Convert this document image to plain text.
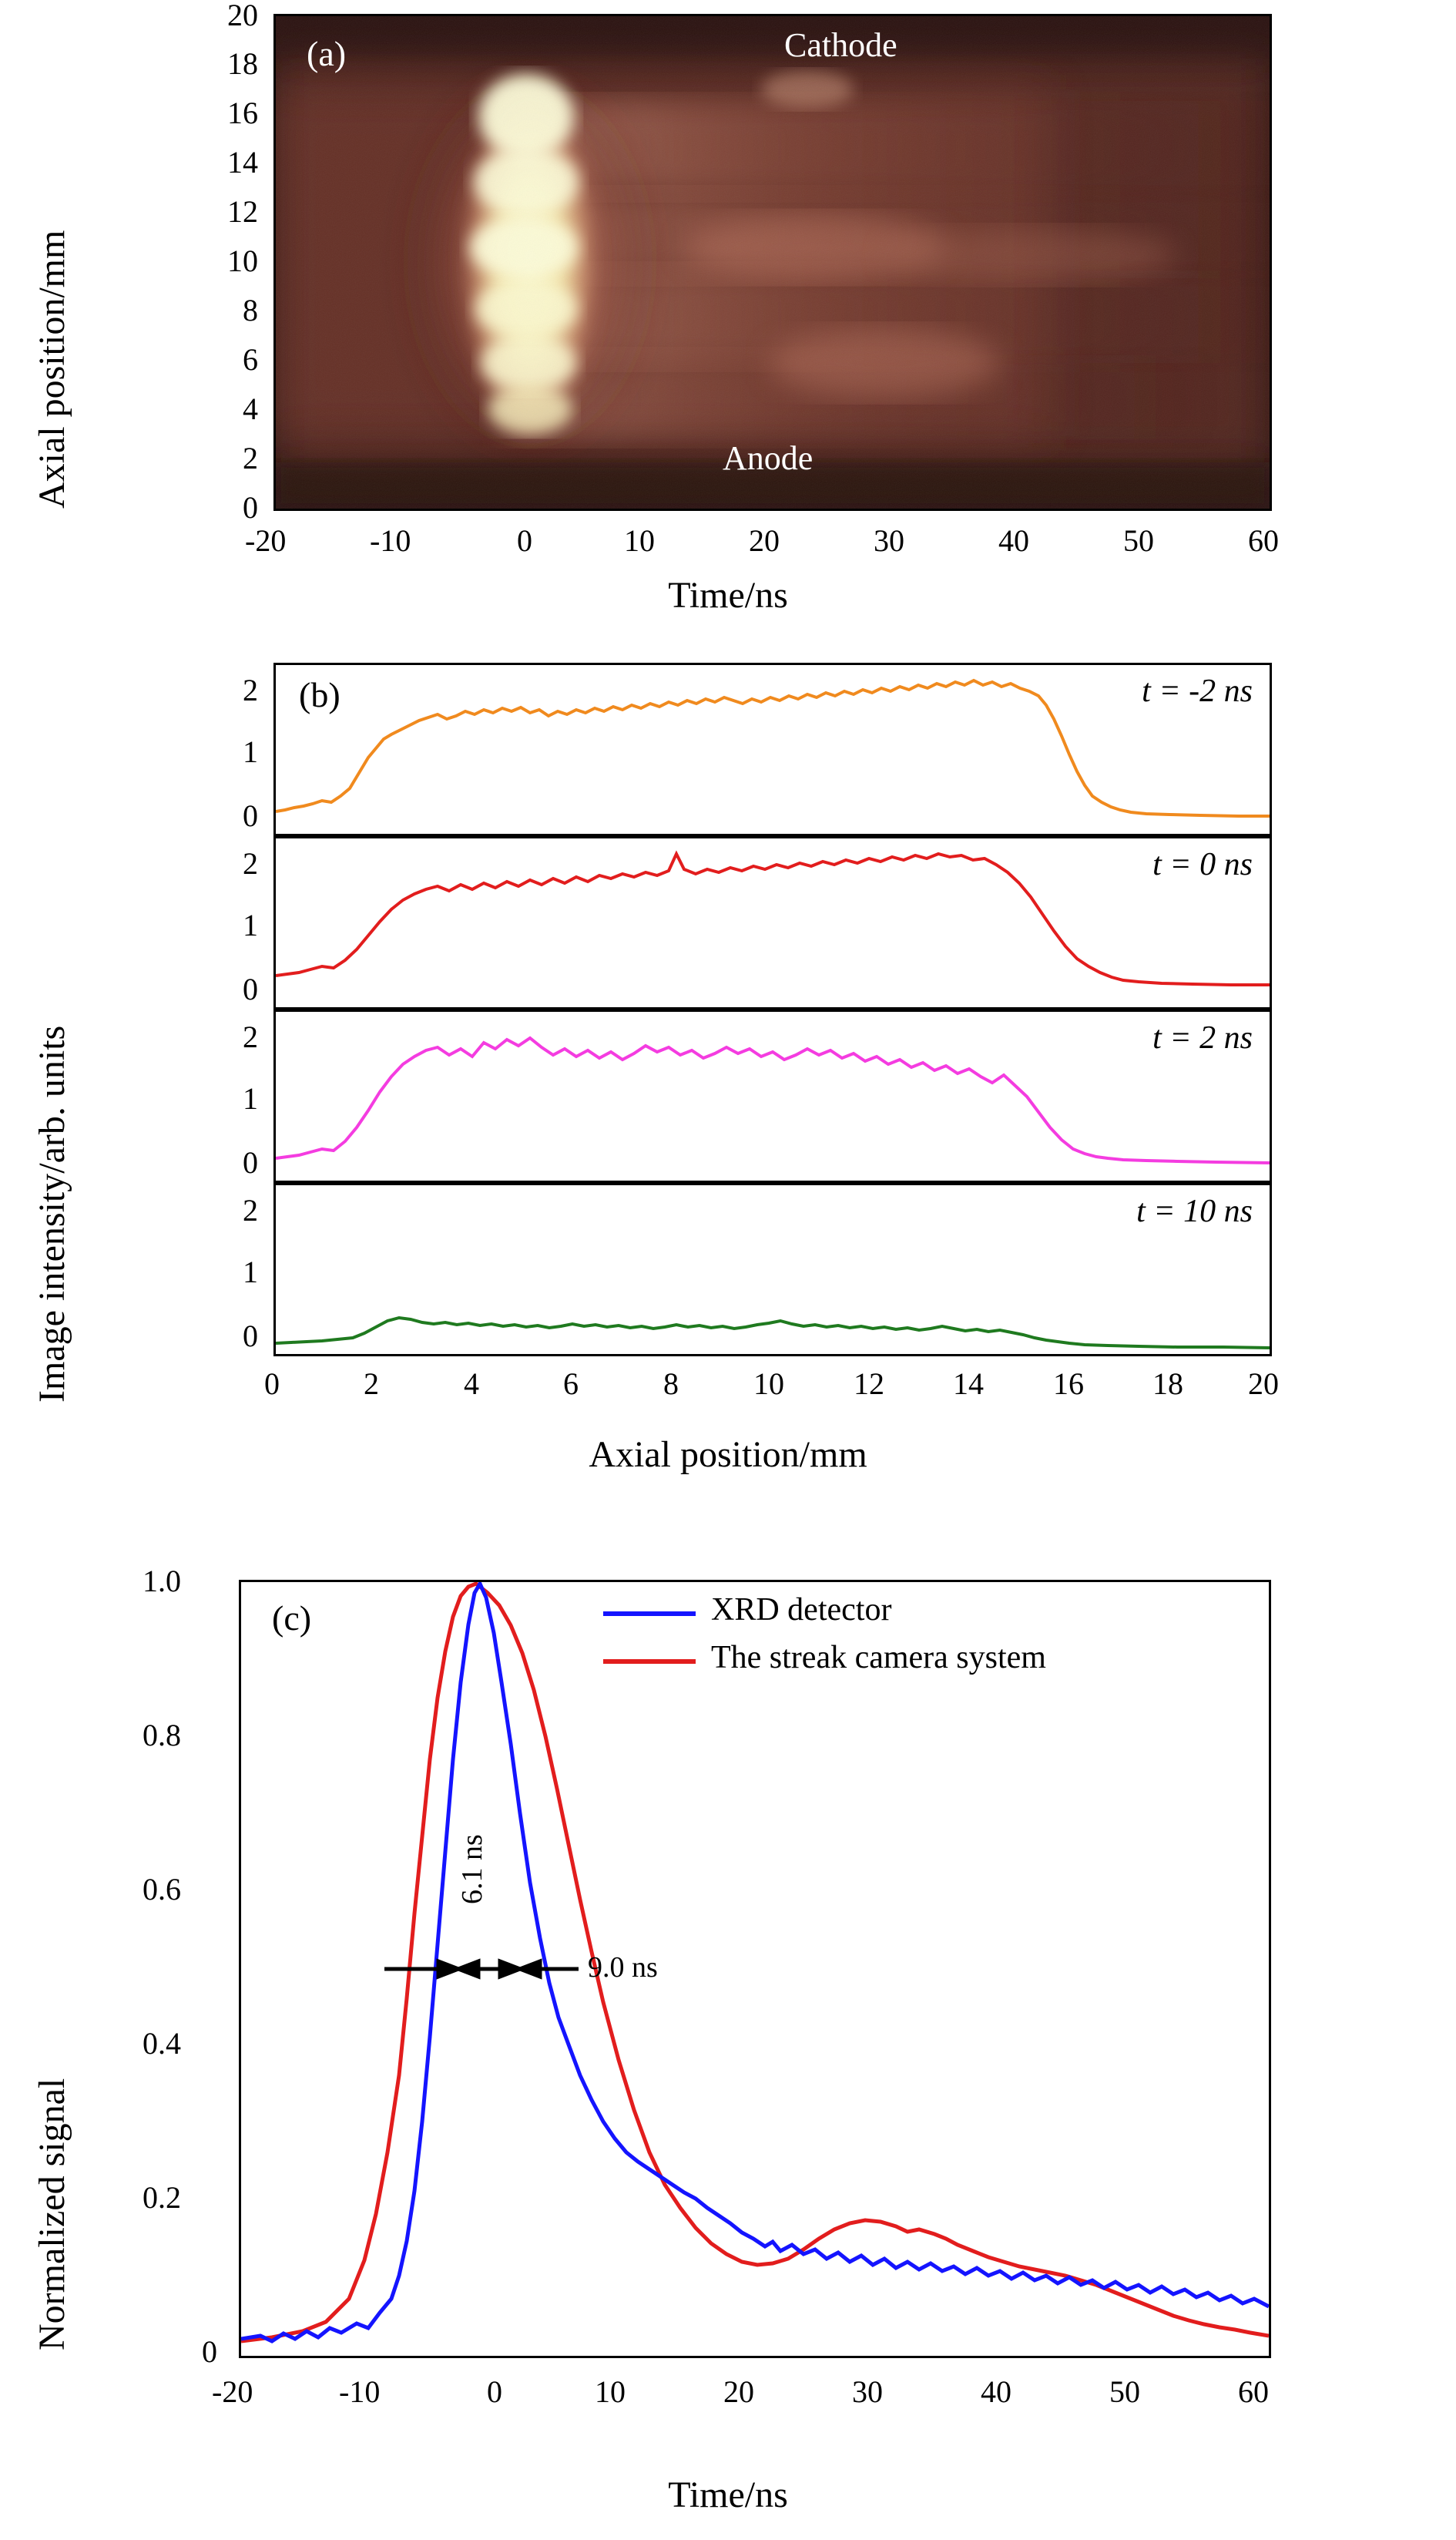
Cathode
Anode
(a)
20
18
16
14
12
10
8
6
4
2
0
-20	-10	0	10	20	30	40	50	60
Time/ns
Axial position/mm
t = -2 ns
(b)
t = 0 ns
t = 2 ns
t = 10 ns
2
1
0
2
1
0
2
1
0
2
1
0
0	2	4	6	8 10 12 14 16 18 20
Axial position/mm
Image intensity/arb. units
(c)	XRD detector
The streak camera system
6.1 ns
9.0 ns
1.0
0.8
0.6
0.4
0.2
0
-20	-10	0	10	20	30	40	50	60
Time/ns
Normalized signal
